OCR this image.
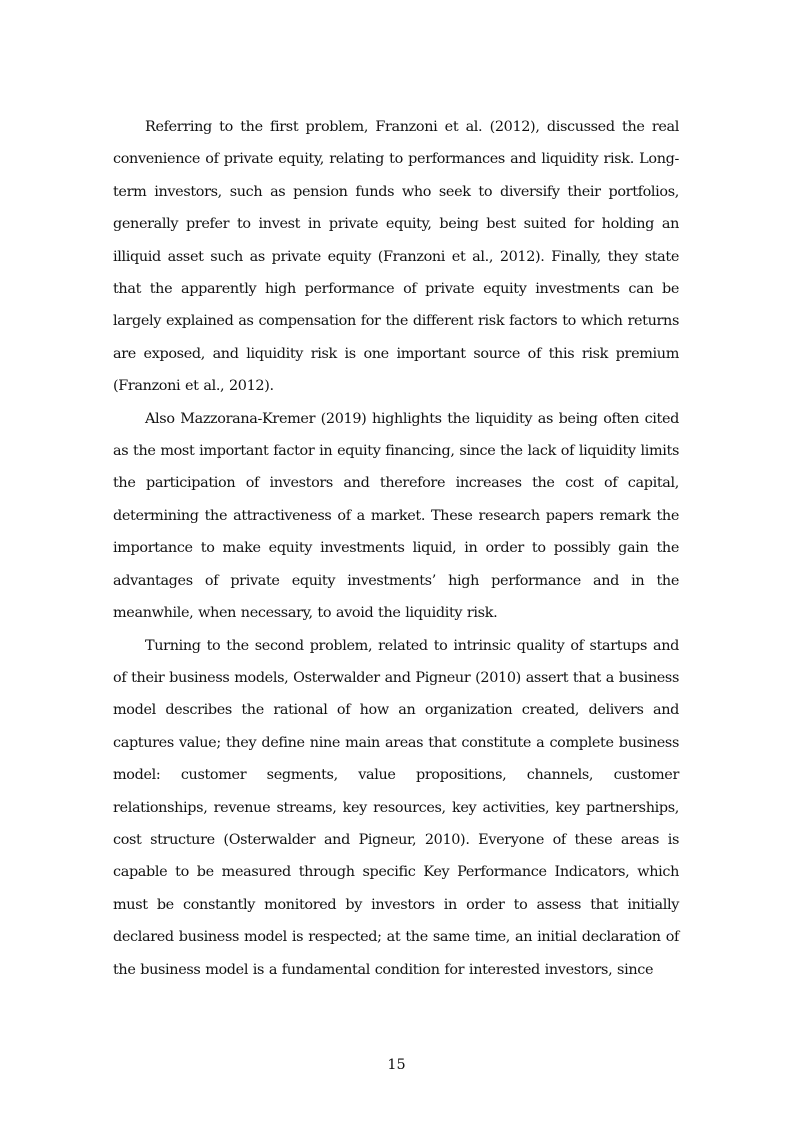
Referring to the first problem, Franzoni et al. (2012), discussed the real convenience of private equity, relating to performances and liquidity risk. Long-term investors, such as pension funds who seek to diversify their portfolios, generally prefer to invest in private equity, being best suited for holding an illiquid asset such as private equity (Franzoni et al., 2012). Finally, they state that the apparently high performance of private equity investments can be largely explained as compensation for the different risk factors to which returns are exposed, and liquidity risk is one important source of this risk premium (Franzoni et al., 2012).

Also Mazzorana-Kremer (2019) highlights the liquidity as being often cited as the most important factor in equity financing, since the lack of liquidity limits the participation of investors and therefore increases the cost of capital, determining the attractiveness of a market. These research papers remark the importance to make equity investments liquid, in order to possibly gain the advantages of private equity investments’ high performance and in the meanwhile, when necessary, to avoid the liquidity risk.

Turning to the second problem, related to intrinsic quality of startups and of their business models, Osterwalder and Pigneur (2010) assert that a business model describes the rational of how an organization created, delivers and captures value; they define nine main areas that constitute a complete business model: customer segments, value propositions, channels, customer relationships, revenue streams, key resources, key activities, key partnerships, cost structure (Osterwalder and Pigneur, 2010). Everyone of these areas is capable to be measured through specific Key Performance Indicators, which must be constantly monitored by investors in order to assess that initially declared business model is respected; at the same time, an initial declaration of the business model is a fundamental condition for interested investors, since

15
